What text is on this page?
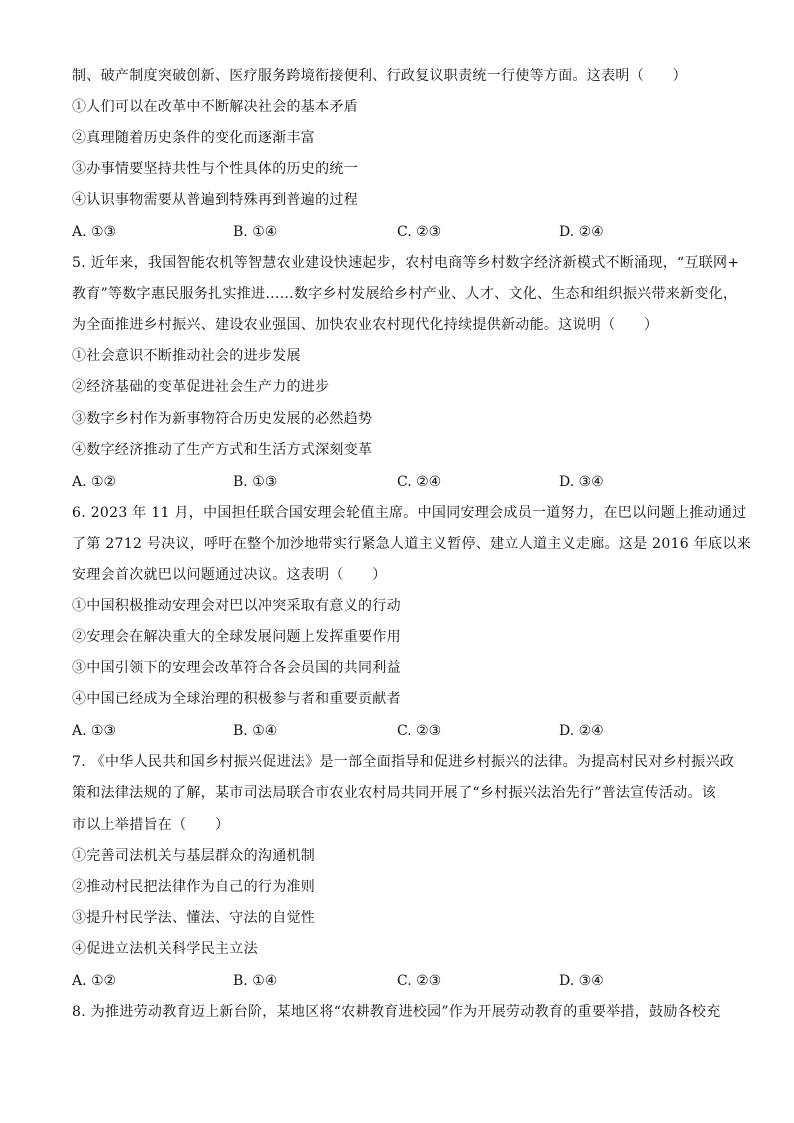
制、破产制度突破创新、医疗服务跨境衔接便利、行政复议职责统一行使等方面。这表明（　　）
①人们可以在改革中不断解决社会的基本矛盾
②真理随着历史条件的变化而逐渐丰富
③办事情要坚持共性与个性具体的历史的统一
④认识事物需要从普遍到特殊再到普遍的过程
A. ①③	B. ①④	C. ②③	D. ②④
5. 近年来，我国智能农机等智慧农业建设快速起步，农村电商等乡村数字经济新模式不断涌现，“互联网+
教育”等数字惠民服务扎实推进……数字乡村发展给乡村产业、人才、文化、生态和组织振兴带来新变化，
为全面推进乡村振兴、建设农业强国、加快农业农村现代化持续提供新动能。这说明（　　）
①社会意识不断推动社会的进步发展
②经济基础的变革促进社会生产力的进步
③数字乡村作为新事物符合历史发展的必然趋势
④数字经济推动了生产方式和生活方式深刻变革
A. ①②	B. ①③	C. ②④	D. ③④
6. 2023 年 11 月，中国担任联合国安理会轮值主席。中国同安理会成员一道努力，在巴以问题上推动通过
了第 2712 号决议，呼吁在整个加沙地带实行紧急人道主义暂停、建立人道主义走廊。这是 2016 年底以来
安理会首次就巴以问题通过决议。这表明（　　）
①中国积极推动安理会对巴以冲突采取有意义的行动
②安理会在解决重大的全球发展问题上发挥重要作用
③中国引领下的安理会改革符合各会员国的共同利益
④中国已经成为全球治理的积极参与者和重要贡献者
A. ①③	B. ①④	C. ②③	D. ②④
7. 《中华人民共和国乡村振兴促进法》是一部全面指导和促进乡村振兴的法律。为提高村民对乡村振兴政
策和法律法规的了解，某市司法局联合市农业农村局共同开展了“乡村振兴法治先行”普法宣传活动。该
市以上举措旨在（　　）
①完善司法机关与基层群众的沟通机制
②推动村民把法律作为自己的行为准则
③提升村民学法、懂法、守法的自觉性
④促进立法机关科学民主立法
A. ①②	B. ①④	C. ②③	D. ③④
8. 为推进劳动教育迈上新台阶，某地区将“农耕教育进校园”作为开展劳动教育的重要举措，鼓励各校充
